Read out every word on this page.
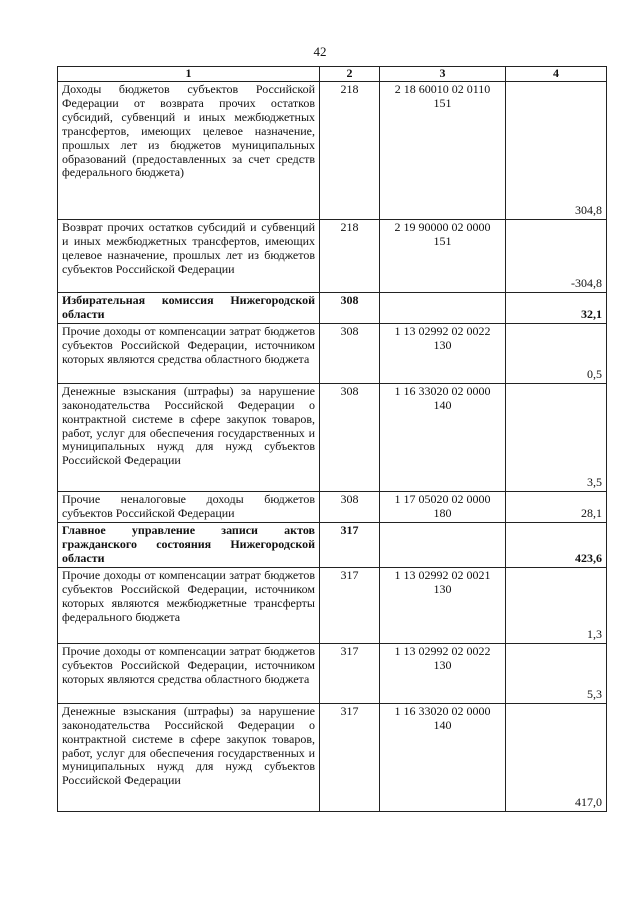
42
1	2	3	4
Доходы бюджетов субъектов Российской Федерации от возврата прочих остатков субсидий, субвенций и иных межбюджетных трансфертов, имеющих целевое назначение, прошлых лет из бюджетов муниципальных образований (предоставленных за счет средств федерального бюджета)	218	2 18 60010 02 0110 151	304,8
Возврат прочих остатков субсидий и субвенций и иных межбюджетных трансфертов, имеющих целевое назначение, прошлых лет из бюджетов субъектов Российской Федерации	218	2 19 90000 02 0000 151	-304,8
Избирательная комиссия Нижегородской области	308		32,1
Прочие доходы от компенсации затрат бюджетов субъектов Российской Федерации, источником которых являются средства областного бюджета	308	1 13 02992 02 0022 130	0,5
Денежные взыскания (штрафы) за нарушение законодательства Российской Федерации о контрактной системе в сфере закупок товаров, работ, услуг для обеспечения государственных и муниципальных нужд для нужд субъектов Российской Федерации	308	1 16 33020 02 0000 140	3,5
Прочие неналоговые доходы бюджетов субъектов Российской Федерации	308	1 17 05020 02 0000 180	28,1
Главное управление записи актов гражданского состояния Нижегородской области	317		423,6
Прочие доходы от компенсации затрат бюджетов субъектов Российской Федерации, источником которых являются межбюджетные трансферты федерального бюджета	317	1 13 02992 02 0021 130	1,3
Прочие доходы от компенсации затрат бюджетов субъектов Российской Федерации, источником которых являются средства областного бюджета	317	1 13 02992 02 0022 130	5,3
Денежные взыскания (штрафы) за нарушение законодательства Российской Федерации о контрактной системе в сфере закупок товаров, работ, услуг для обеспечения государственных и муниципальных нужд для нужд субъектов Российской Федерации	317	1 16 33020 02 0000 140	417,0
